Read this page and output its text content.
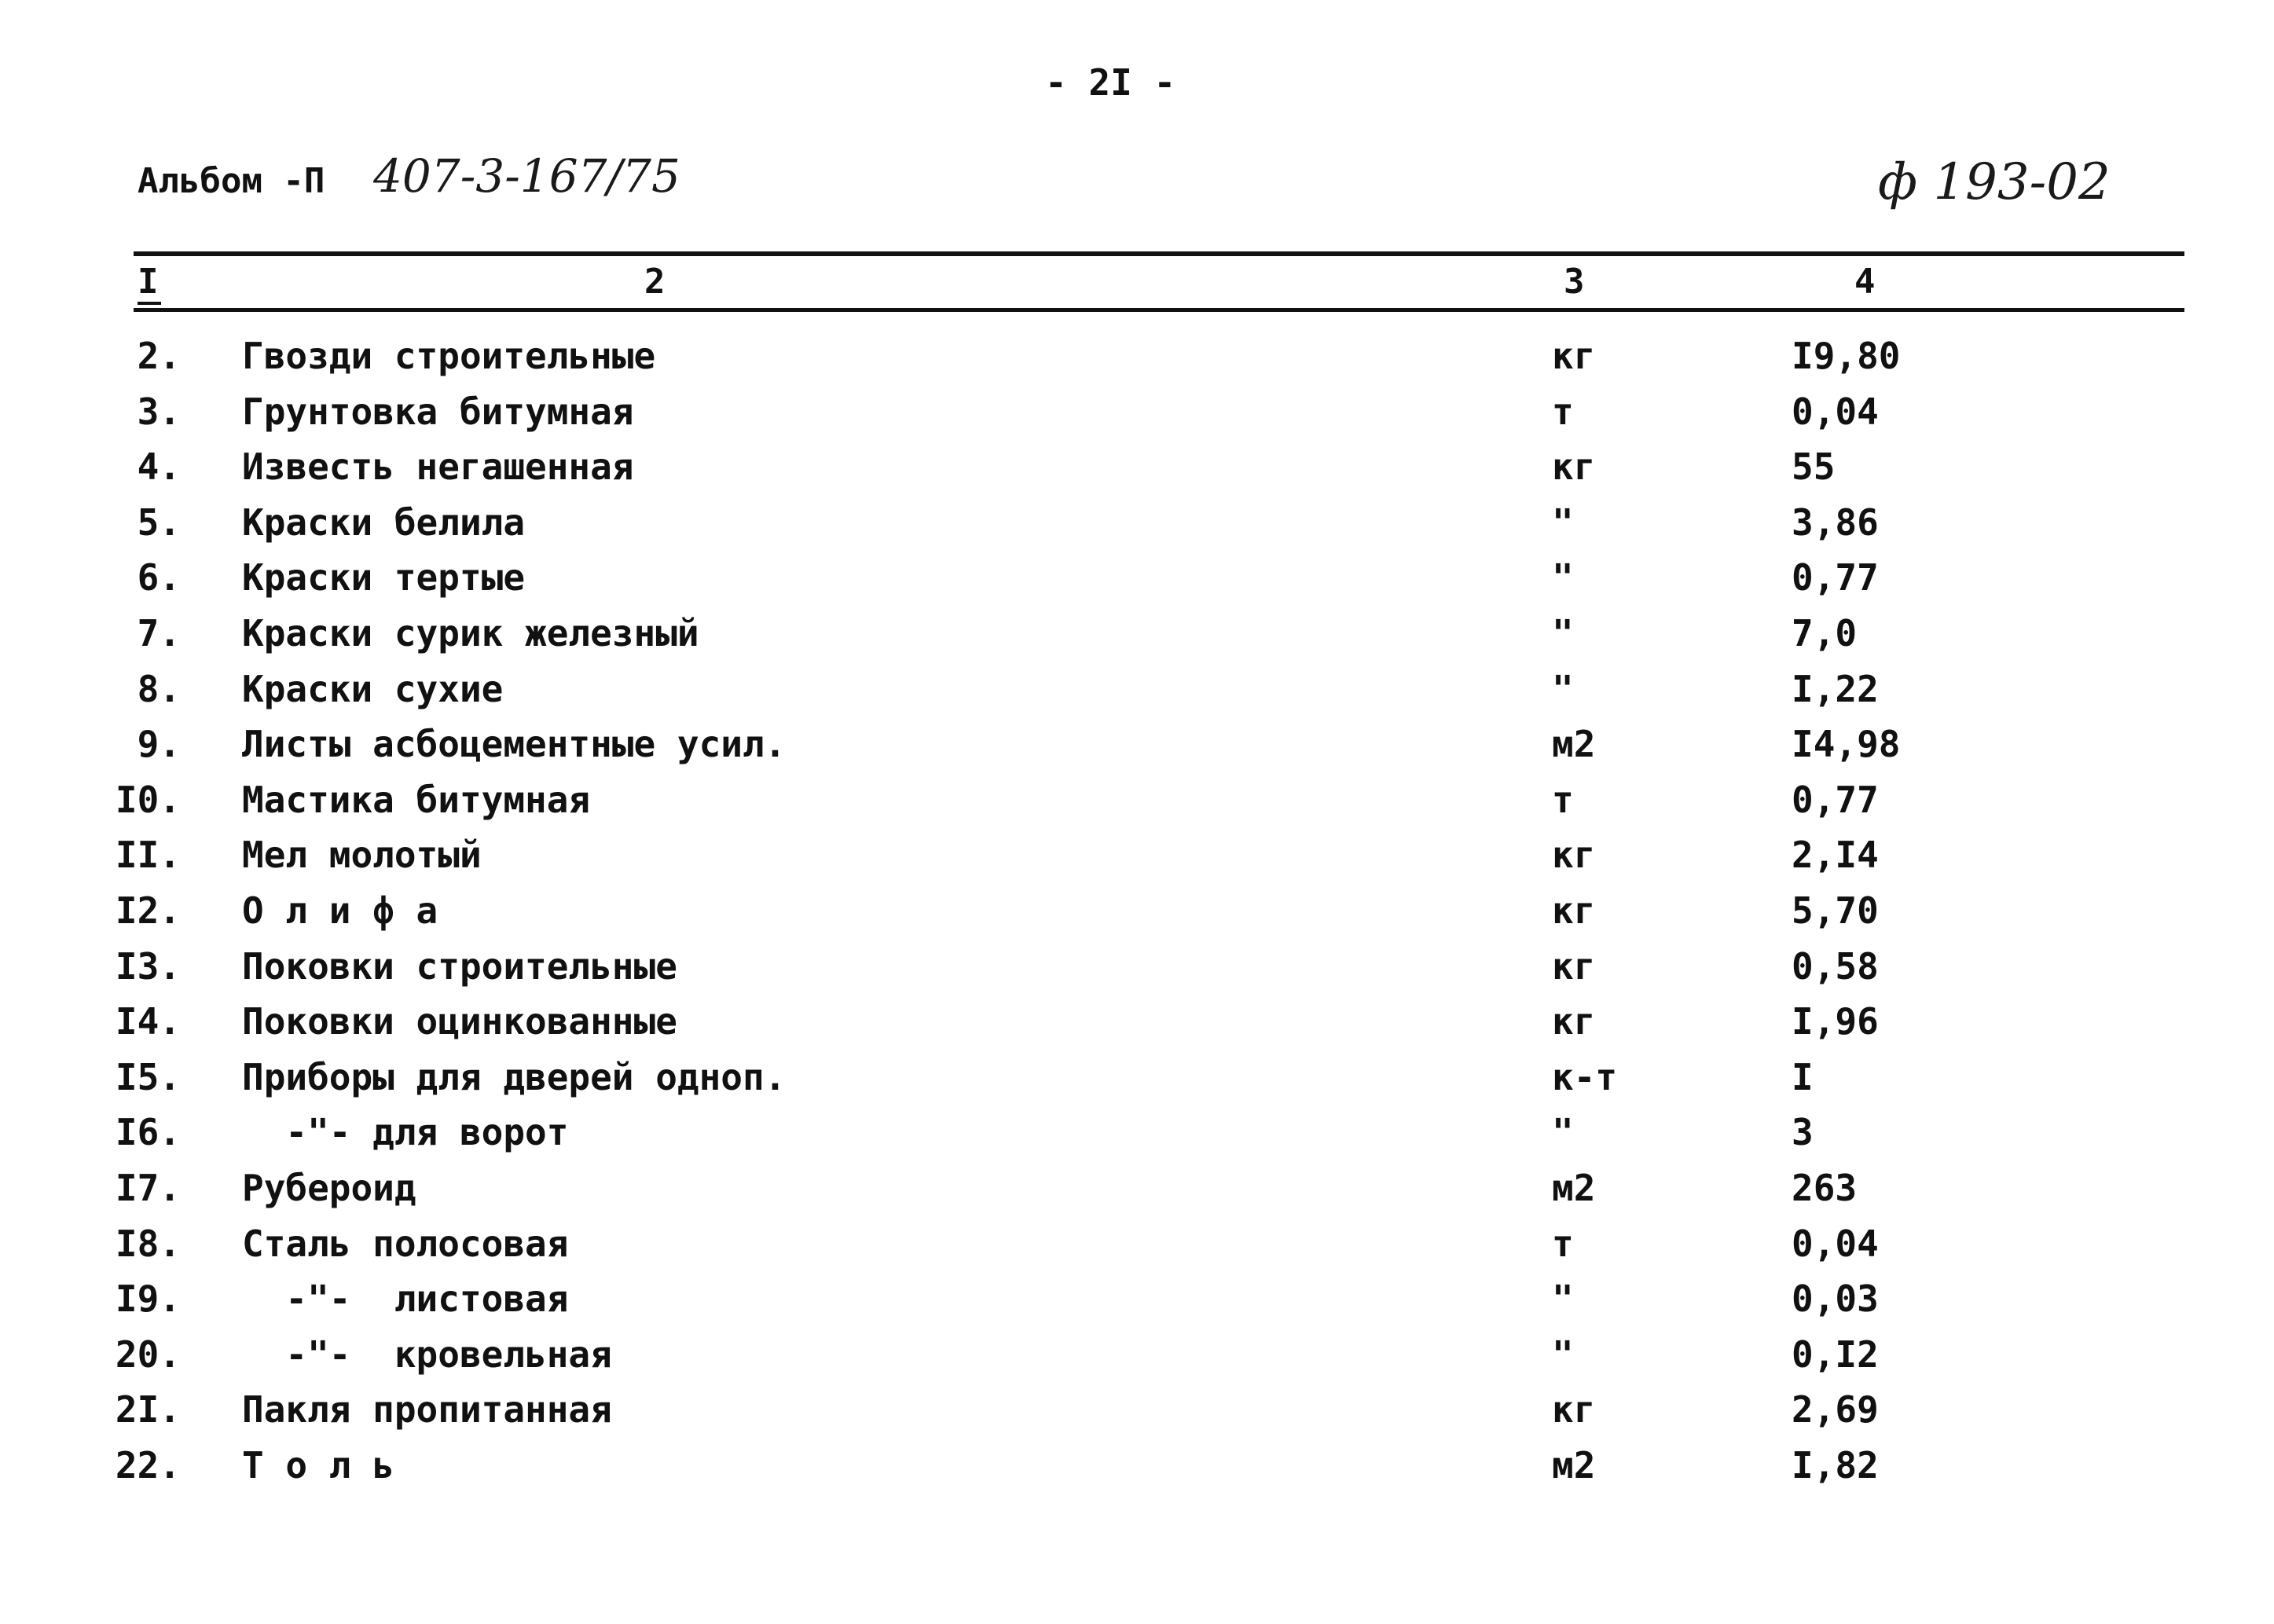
- 2I -
Альбом -П 407-3-167/75	ф 193-02
I	2	3	4
2. Гвозди строительные	кг	I9,80
3. Грунтовка битумная	т	0,04
4. Известь негашенная	кг	55
5. Краски белила	"	3,86
6. Краски тертые	"	0,77
7. Краски сурик железный	"	7,0
8. Краски сухие	"	I,22
9. Листы асбоцементные усил.	м2	I4,98
I0. Мастика битумная	т	0,77
II. Мел молотый	кг	2,I4
I2. О л и ф а	кг	5,70
I3. Поковки строительные	кг	0,58
I4. Поковки оцинкованные	кг	I,96
I5. Приборы для дверей однoп.	к-т	I
I6. -"- для ворот	"	3
I7. Рубероид	м2	263
I8. Сталь полосовая	т	0,04
I9. -"-  листовая	"	0,03
20. -"-  кровельная	"	0,I2
2I. Пакля пропитанная	кг	2,69
22. Т о л ь	м2	I,82
